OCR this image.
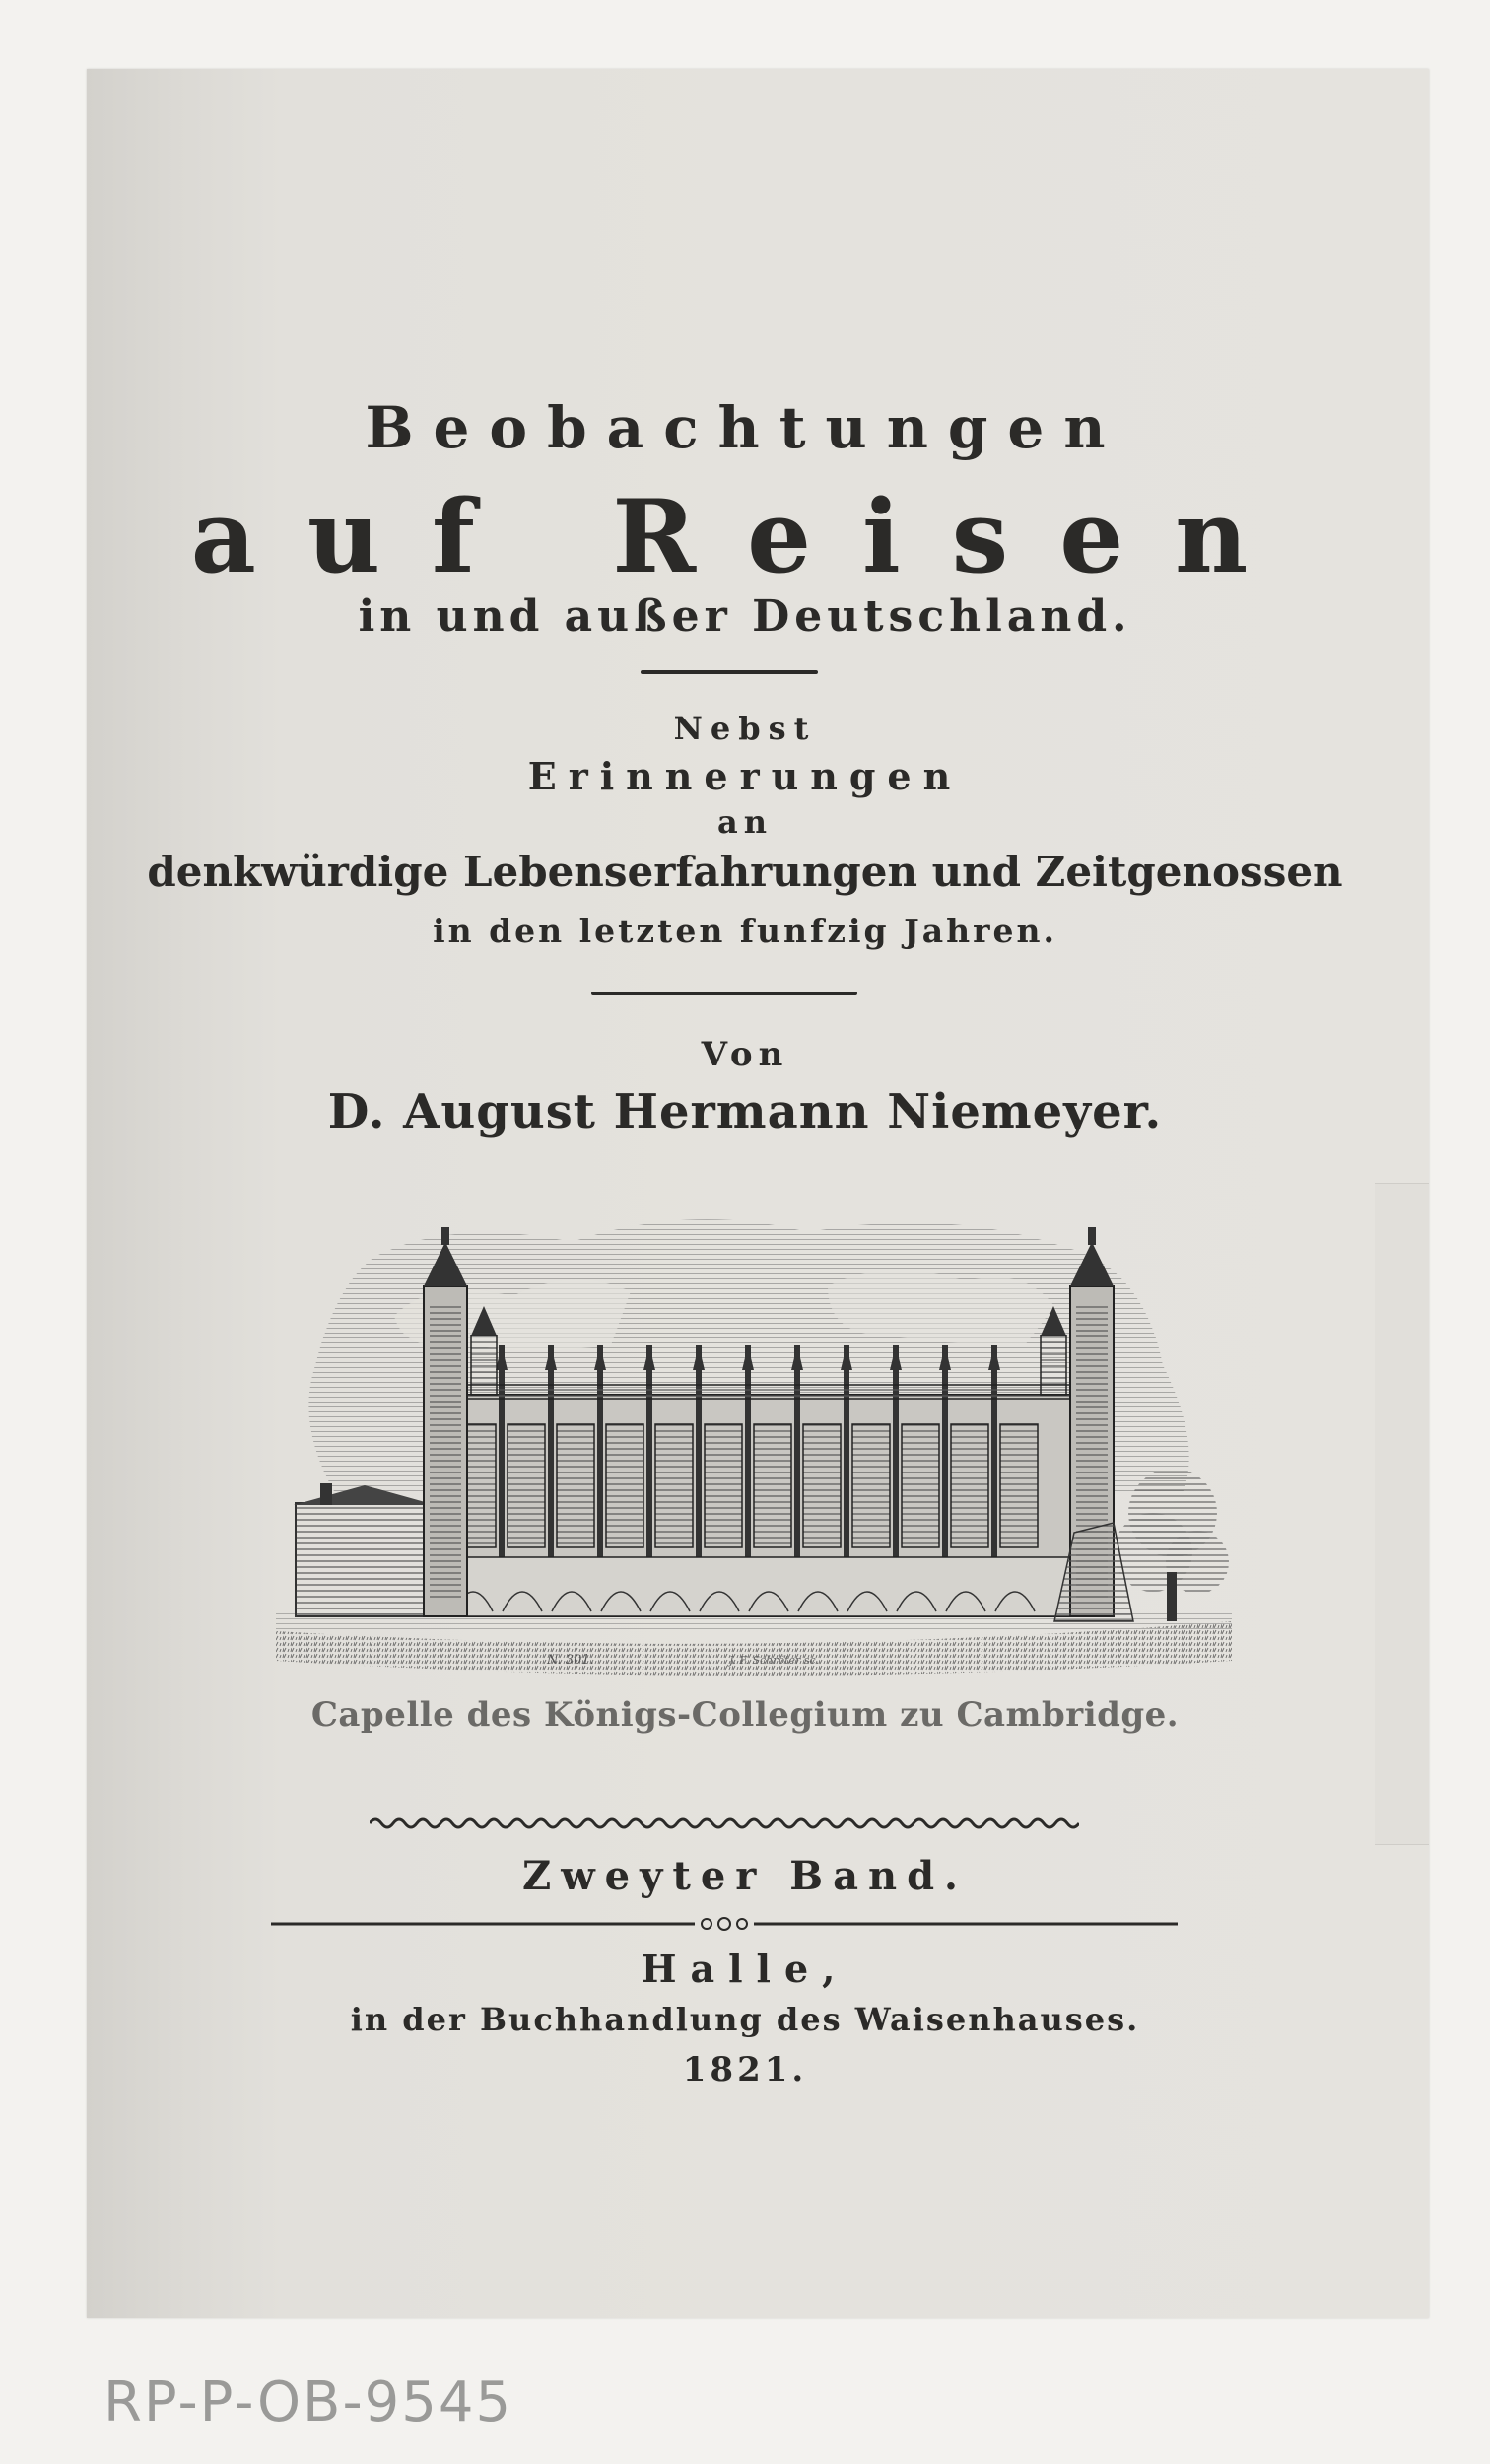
Beobachtungen
auf Reisen
in und außer Deutschland.
Nebst
Erinnerungen
an
denkwürdige Lebenserfahrungen und Zeitgenossen
in den letzten funfzig Jahren.
Von
D. August Hermann Niemeyer.
N. 301.	J. F. Schröter sc.
Capelle des Königs-Collegium zu Cambridge.
Zweyter Band.
Halle,
in der Buchhandlung des Waisenhauses.
1821.
RP-P-OB-9545
